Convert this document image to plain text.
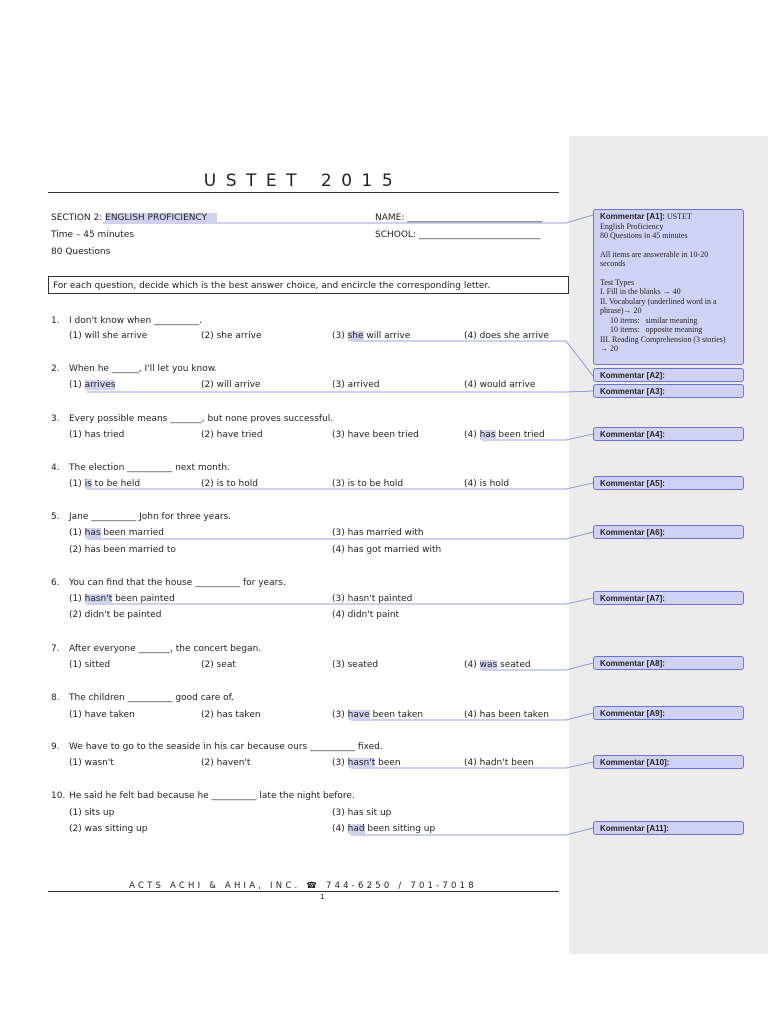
USTET 2015
SECTION 2: ENGLISH PROFICIENCY
Time – 45 minutes
80 Questions
NAME: ______________________________
SCHOOL: ___________________________
For each question, decide which is the best answer choice, and encircle the corresponding letter.
1. I don't know when __________.
(1) will she arrive	(2) she arrive	(3) she will arrive	(4) does she arrive
2. When he ______, I'll let you know.
(1) arrives	(2) will arrive	(3) arrived	(4) would arrive
3. Every possible means _______, but none proves successful.
(1) has tried	(2) have tried	(3) have been tried	(4) has been tried
4. The election __________ next month.
(1) is to be held	(2) is to hold	(3) is to be hold	(4) is hold
5. Jane __________ John for three years.
(1) has been married	(3) has married with
(2) has been married to	(4) has got married with
6. You can find that the house __________ for years.
(1) hasn't been painted	(3) hasn't painted
(2) didn't be painted	(4) didn't paint
7. After everyone _______, the concert began.
(1) sitted	(2) seat	(3) seated	(4) was seated
8. The children __________ good care of.
(1) have taken	(2) has taken	(3) have been taken	(4) has been taken
9. We have to go to the seaside in his car because ours __________ fixed.
(1) wasn't	(2) haven't	(3) hasn't been	(4) hadn't been
10. He said he felt bad because he __________ late the night before.
(1) sits up	(3) has sit up
(2) was sitting up	(4) had been sitting up
ACTS ACHI & AHIA, INC. ☎ 744-6250 / 701-7018
1
Kommentar [A1]: USTET
English Proficiency
80 Questions in 45 minutes
All items are answerable in 10-20
seconds
Test Types
I. Fill in the blanks → 40
II. Vocabulary (underlined word in a
phrase)→ 20
10 items:   similar meaning
10 items:   opposite meaning
III. Reading Comprehension (3 stories)
→ 20
Kommentar [A2]:
Kommentar [A3]:
Kommentar [A4]:
Kommentar [A5]:
Kommentar [A6]:
Kommentar [A7]:
Kommentar [A8]:
Kommentar [A9]:
Kommentar [A10]:
Kommentar [A11]:
